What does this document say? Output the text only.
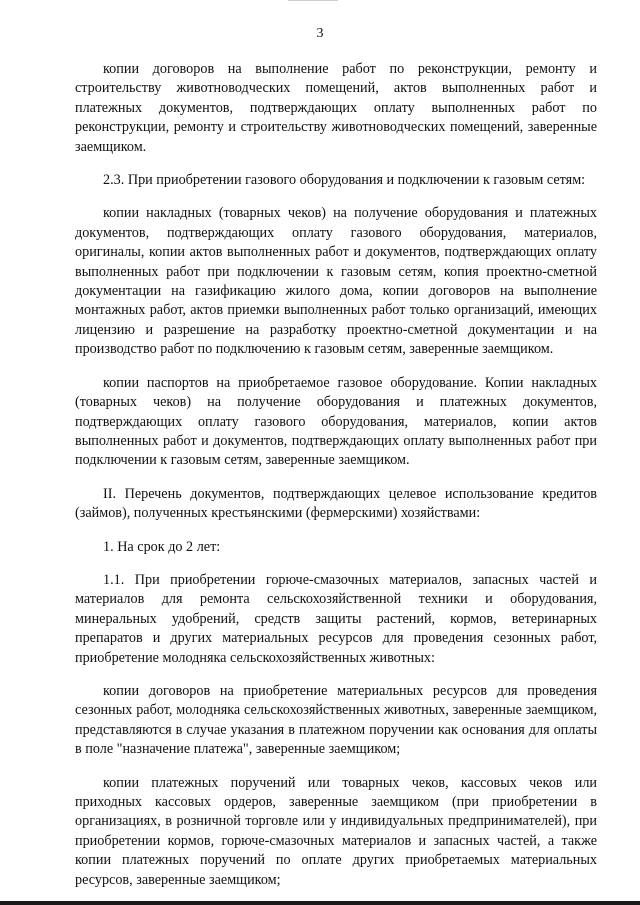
3

копии договоров на выполнение работ по реконструкции, ремонту и строительству животноводческих помещений, актов выполненных работ и платежных документов, подтверждающих оплату выполненных работ по реконструкции, ремонту и строительству животноводческих помещений, заверенные заемщиком.

2.3. При приобретении газового оборудования и подключении к газовым сетям:

копии накладных (товарных чеков) на получение оборудования и платежных документов, подтверждающих оплату газового оборудования, материалов, оригиналы, копии актов выполненных работ и документов, подтверждающих оплату выполненных работ при подключении к газовым сетям, копия проектно-сметной документации на газификацию жилого дома, копии договоров на выполнение монтажных работ, актов приемки выполненных работ только организаций, имеющих лицензию и разрешение на разработку проектно-сметной документации и на производство работ по подключению к газовым сетям, заверенные заемщиком.

копии паспортов на приобретаемое газовое оборудование. Копии накладных (товарных чеков) на получение оборудования и платежных документов, подтверждающих оплату газового оборудования, материалов, копии актов выполненных работ и документов, подтверждающих оплату выполненных работ при подключении к газовым сетям, заверенные заемщиком.

II. Перечень документов, подтверждающих целевое использование кредитов (займов), полученных крестьянскими (фермерскими) хозяйствами:

1. На срок до 2 лет:

1.1. При приобретении горюче-смазочных материалов, запасных частей и материалов для ремонта сельскохозяйственной техники и оборудования, минеральных удобрений, средств защиты растений, кормов, ветеринарных препаратов и других материальных ресурсов для проведения сезонных работ, приобретение молодняка сельскохозяйственных животных:

копии договоров на приобретение материальных ресурсов для проведения сезонных работ, молодняка сельскохозяйственных животных, заверенные заемщиком, представляются в случае указания в платежном поручении как основания для оплаты в поле "назначение платежа", заверенные заемщиком;

копии платежных поручений или товарных чеков, кассовых чеков или приходных кассовых ордеров, заверенные заемщиком (при приобретении в организациях, в розничной торговле или у индивидуальных предпринимателей), при приобретении кормов, горюче-смазочных материалов и запасных частей, а также копии платежных поручений по оплате других приобретаемых материальных ресурсов, заверенные заемщиком;
